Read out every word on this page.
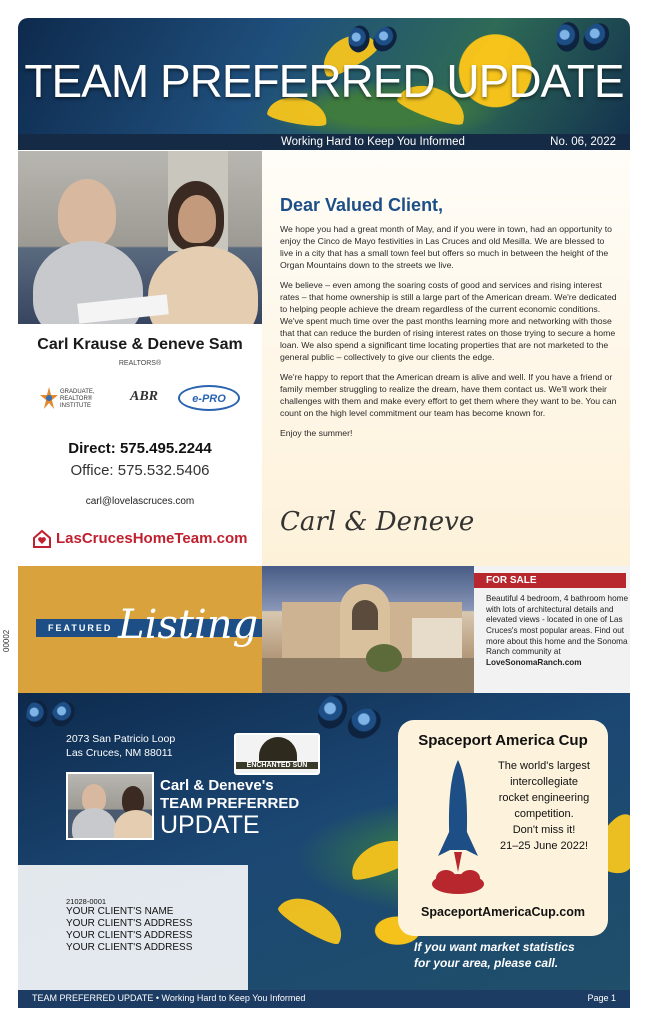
TEAM PREFERRED UPDATE
Working Hard to Keep You Informed	No. 06, 2022
Carl Krause & Deneve Sam
REALTORS®
GRADUATE, REALTOR® INSTITUTE
ABR	e-PRO
Direct: 575.495.2244
Office: 575.532.5406
carl@lovelascruces.com
LasCrucesHomeTeam.com
Dear Valued Client,

We hope you had a great month of May, and if you were in town, had an opportunity to enjoy the Cinco de Mayo festivities in Las Cruces and old Mesilla. We are blessed to live in a city that has a small town feel but offers so much in between the height of the Organ Mountains down to the streets we live.

We believe – even among the soaring costs of good and services and rising interest rates – that home ownership is still a large part of the American dream. We're dedicated to helping people achieve the dream regardless of the current economic conditions. We've spent much time over the past months learning more and networking with those that that can reduce the burden of rising interest rates on those trying to secure a home loan. We also spend a significant time locating properties that are not marketed to the general public – collectively to give our clients the edge.

We're happy to report that the American dream is alive and well. If you have a friend or family member struggling to realize the dream, have them contact us. We'll work their challenges with them and make every effort to get them where they want to be. You can count on the high level commitment our team has become known for.

Enjoy the summer!

Carl & Deneve
FEATURED Listing
FOR SALE
Beautiful 4 bedroom, 4 bathroom home with lots of architectural details and elevated views - located in one of Las Cruces's most popular areas. Find out more about this home and the Sonoma Ranch community at
LoveSonomaRanch.com
2073 San Patricio Loop
Las Cruces, NM 88011
ENCHANTED SUN
Carl & Deneve's
TEAM PREFERRED
UPDATE
21028-0001
YOUR CLIENT'S NAME
YOUR CLIENT'S ADDRESS
YOUR CLIENT'S ADDRESS
YOUR CLIENT'S ADDRESS
Spaceport America Cup
The world's largest
intercollegiate
rocket engineering
competition.
Don't miss it!
21–25 June 2022!
SpaceportAmericaCup.com
If you want market statistics
for your area, please call.
TEAM PREFERRED UPDATE • Working Hard to Keep You Informed	Page 1
00002
